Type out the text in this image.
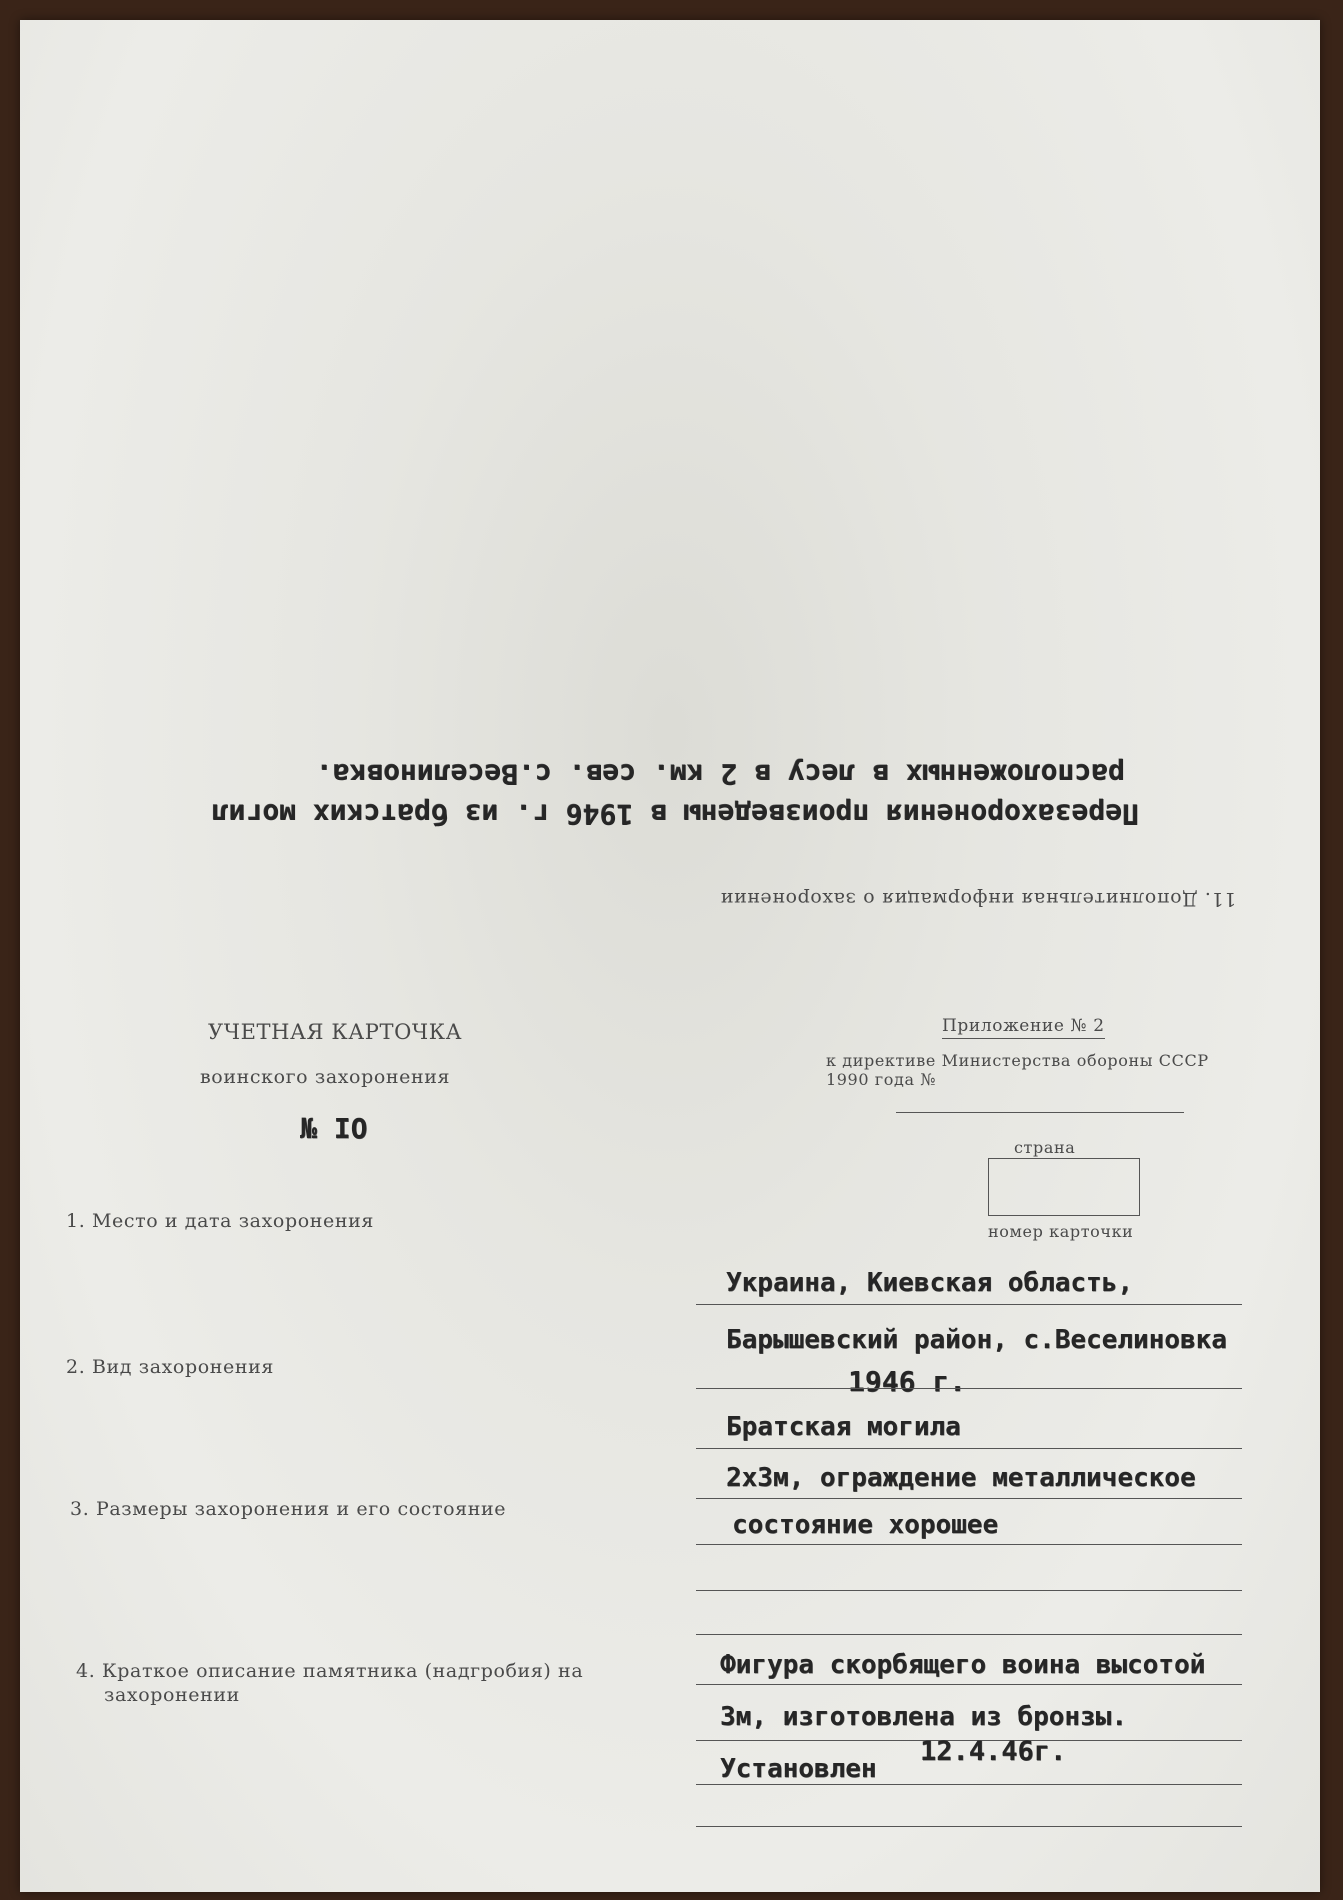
11. Дополнительная информация о захоронении
Перезахоронения произведены в 1946 г. из братских могил
расположенных в лесу в 2 км. сев. с.Веселиновка.
УЧЕТНАЯ КАРТОЧКА
воинского захоронения
№ IO
Приложение № 2
к директиве Министерства обороны СССР
1990 года №
страна
номер карточки
1. Место и дата захоронения
Украина, Киевская область,
Барышевский район, с.Веселиновка
1946 г.
2. Вид захоронения
Братская могила
2х3м, ограждение металлическое
3. Размеры захоронения и его состояние
состояние хорошее
4. Краткое описание памятника (надгробия) на
захоронении
Фигура скорбящего воина высотой
3м, изготовлена из бронзы.
Установлен
12.4.46г.
